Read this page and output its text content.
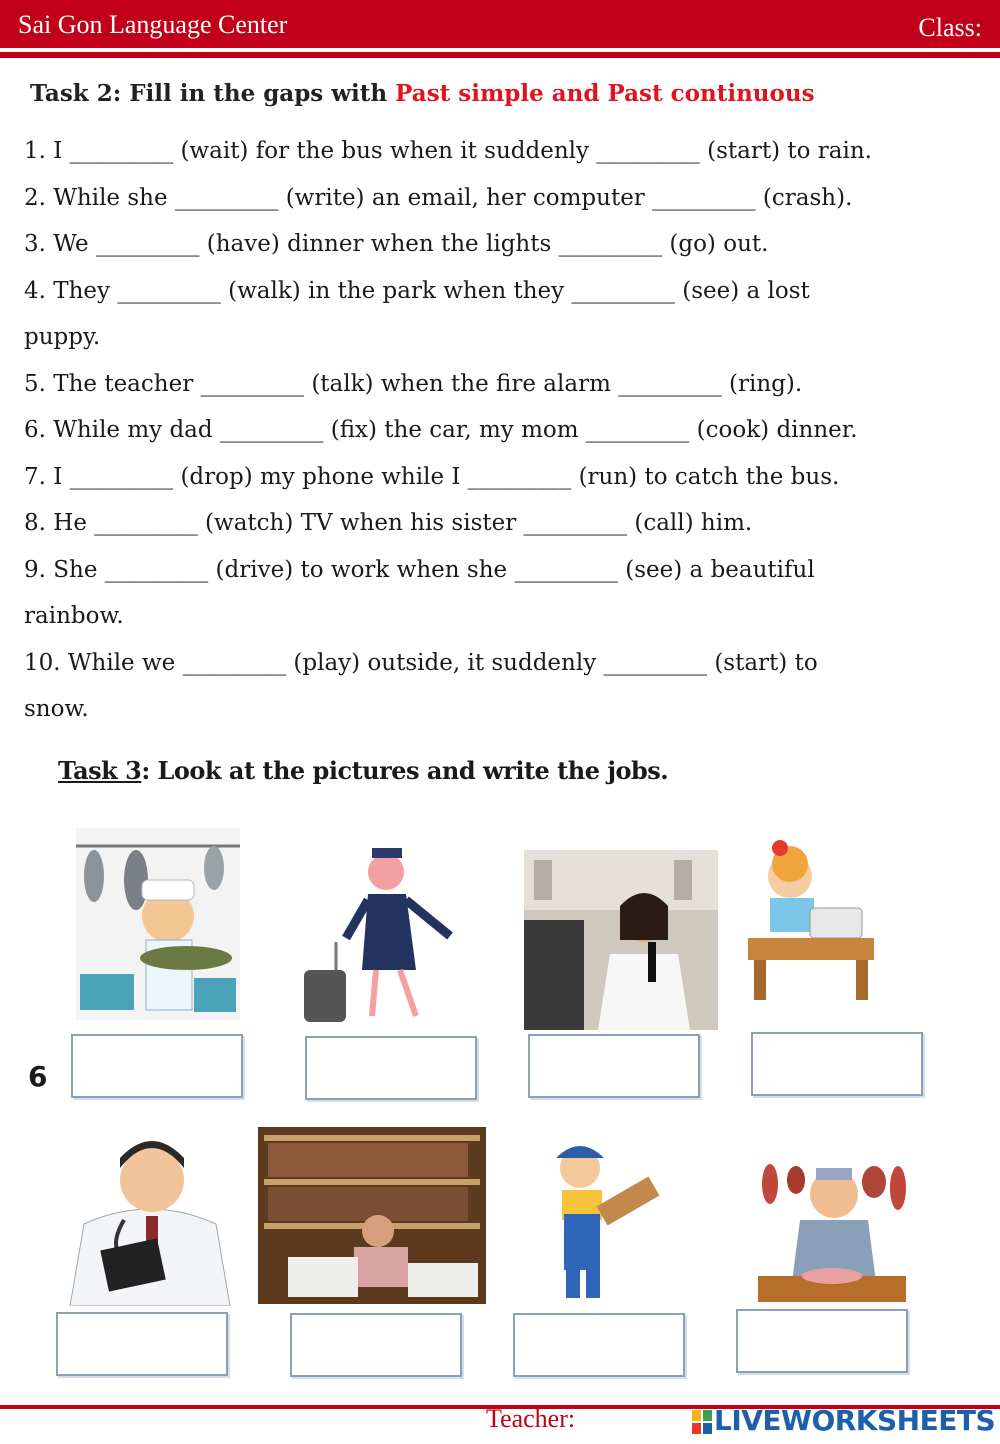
Sai Gon Language Center	Class:
Task 2: Fill in the gaps with Past simple and Past continuous

1. I _________ (wait) for the bus when it suddenly _________ (start) to rain.

2. While she _________ (write) an email, her computer _________ (crash).

3. We _________ (have) dinner when the lights _________ (go) out.

4. They _________ (walk) in the park when they _________ (see) a lost

puppy.

5. The teacher _________ (talk) when the fire alarm _________ (ring).

6. While my dad _________ (fix) the car, my mom _________ (cook) dinner.

7. I _________ (drop) my phone while I _________ (run) to catch the bus.

8. He _________ (watch) TV when his sister _________ (call) him.

9. She _________ (drive) to work when she _________ (see) a beautiful

rainbow.

10. While we _________ (play) outside, it suddenly _________ (start) to

snow.

Task 3: Look at the pictures and write the jobs.
6
Teacher:	LIVEWORKSHEETS
